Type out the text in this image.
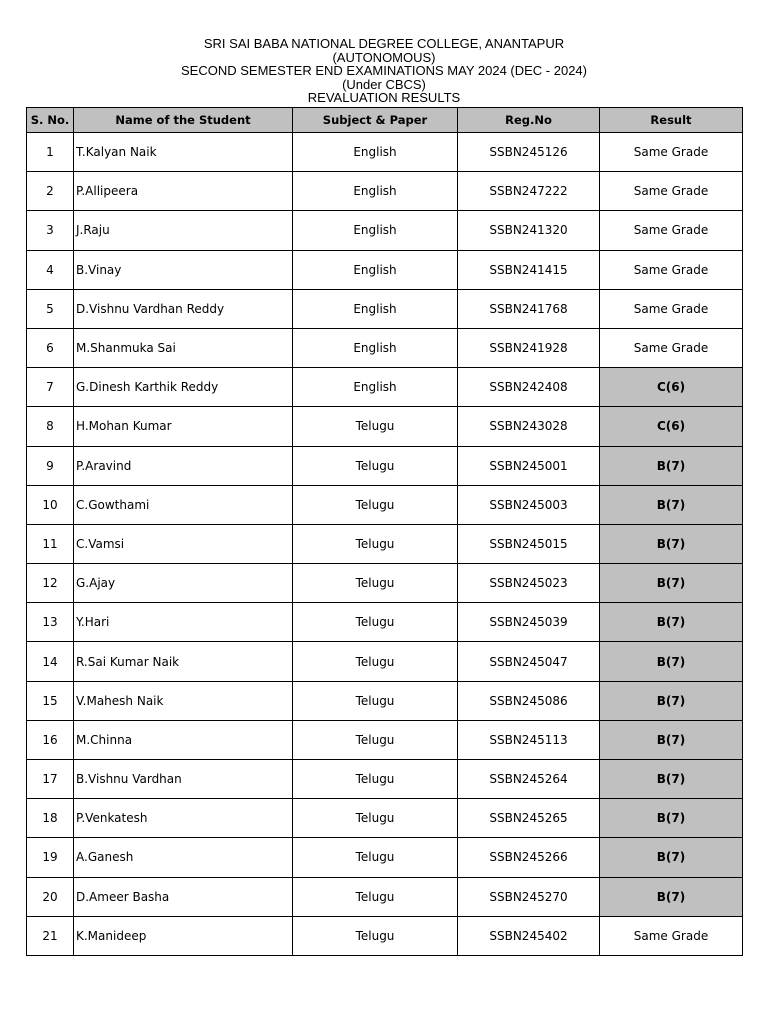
SRI SAI BABA NATIONAL DEGREE COLLEGE, ANANTAPUR
(AUTONOMOUS)
SECOND SEMESTER END EXAMINATIONS MAY 2024 (DEC - 2024)
(Under CBCS)
REVALUATION RESULTS
S. No.	Name of the Student	Subject & Paper	Reg.No	Result
1	T.Kalyan Naik	English	SSBN245126	Same Grade
2	P.Allipeera	English	SSBN247222	Same Grade
3	J.Raju	English	SSBN241320	Same Grade
4	B.Vinay	English	SSBN241415	Same Grade
5	D.Vishnu Vardhan Reddy	English	SSBN241768	Same Grade
6	M.Shanmuka Sai	English	SSBN241928	Same Grade
7	G.Dinesh Karthik Reddy	English	SSBN242408	C(6)
8	H.Mohan Kumar	Telugu	SSBN243028	C(6)
9	P.Aravind	Telugu	SSBN245001	B(7)
10	C.Gowthami	Telugu	SSBN245003	B(7)
11	C.Vamsi	Telugu	SSBN245015	B(7)
12	G.Ajay	Telugu	SSBN245023	B(7)
13	Y.Hari	Telugu	SSBN245039	B(7)
14	R.Sai Kumar Naik	Telugu	SSBN245047	B(7)
15	V.Mahesh Naik	Telugu	SSBN245086	B(7)
16	M.Chinna	Telugu	SSBN245113	B(7)
17	B.Vishnu Vardhan	Telugu	SSBN245264	B(7)
18	P.Venkatesh	Telugu	SSBN245265	B(7)
19	A.Ganesh	Telugu	SSBN245266	B(7)
20	D.Ameer Basha	Telugu	SSBN245270	B(7)
21	K.Manideep	Telugu	SSBN245402	Same Grade
